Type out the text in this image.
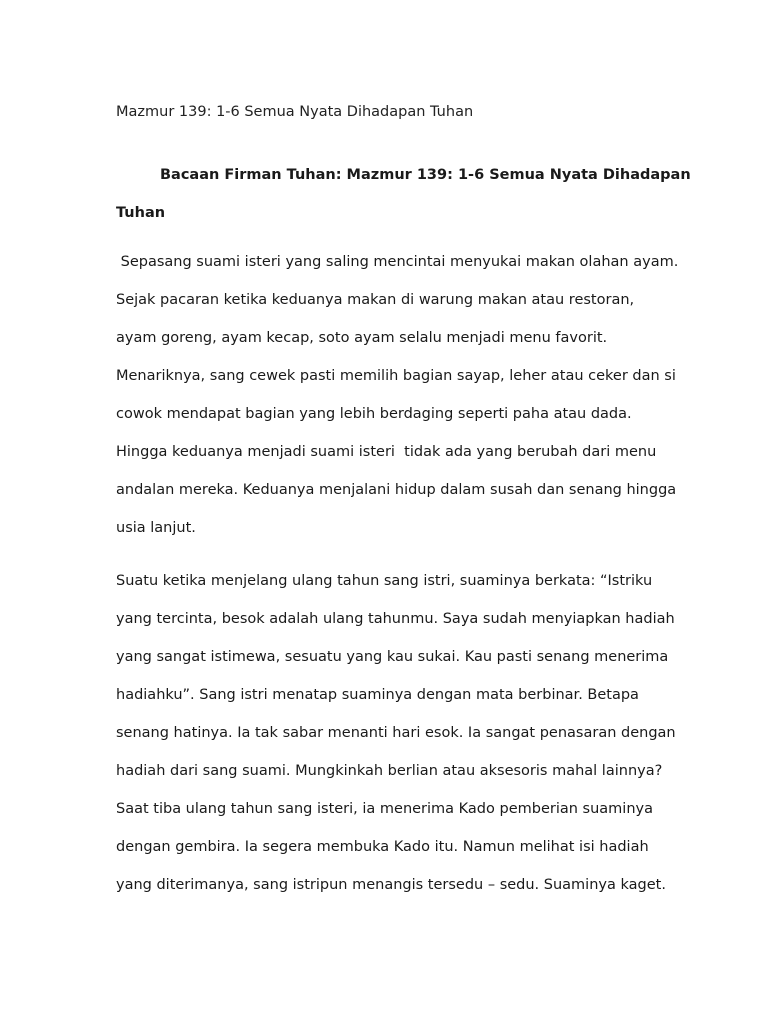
Mazmur 139: 1-6 Semua Nyata Dihadapan Tuhan
Bacaan Firman Tuhan: Mazmur 139: 1-6 Semua Nyata Dihadapan
Tuhan
Sepasang suami isteri yang saling mencintai menyukai makan olahan ayam.
Sejak pacaran ketika keduanya makan di warung makan atau restoran,
ayam goreng, ayam kecap, soto ayam selalu menjadi menu favorit.
Menariknya, sang cewek pasti memilih bagian sayap, leher atau ceker dan si
cowok mendapat bagian yang lebih berdaging seperti paha atau dada.
Hingga keduanya menjadi suami isteri  tidak ada yang berubah dari menu
andalan mereka. Keduanya menjalani hidup dalam susah dan senang hingga
usia lanjut.
Suatu ketika menjelang ulang tahun sang istri, suaminya berkata: “Istriku
yang tercinta, besok adalah ulang tahunmu. Saya sudah menyiapkan hadiah
yang sangat istimewa, sesuatu yang kau sukai. Kau pasti senang menerima
hadiahku”. Sang istri menatap suaminya dengan mata berbinar. Betapa
senang hatinya. Ia tak sabar menanti hari esok. Ia sangat penasaran dengan
hadiah dari sang suami. Mungkinkah berlian atau aksesoris mahal lainnya?
Saat tiba ulang tahun sang isteri, ia menerima Kado pemberian suaminya
dengan gembira. Ia segera membuka Kado itu. Namun melihat isi hadiah
yang diterimanya, sang istripun menangis tersedu – sedu. Suaminya kaget.
